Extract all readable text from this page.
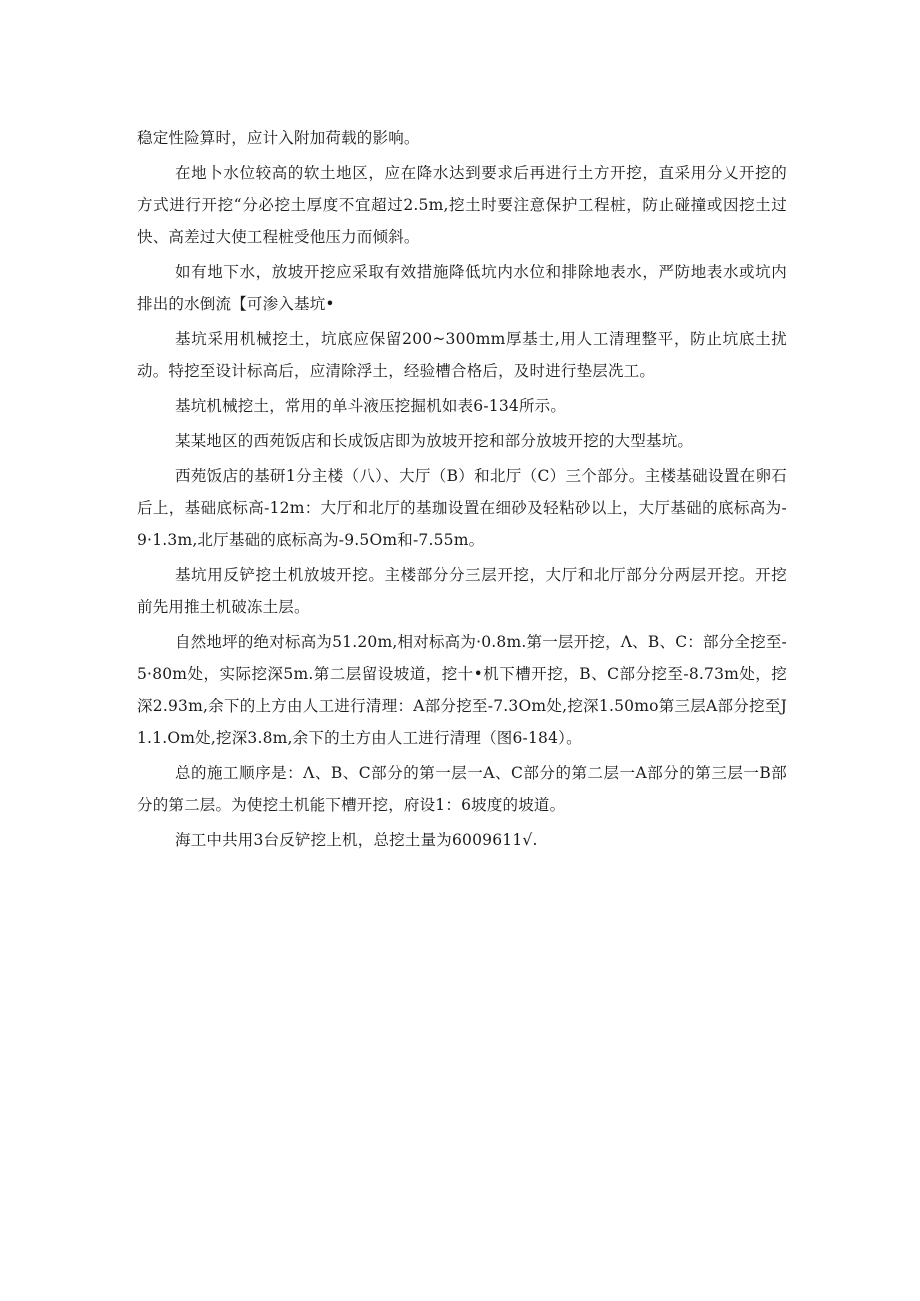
稳定性险算时，应计入附加荷载的影响。

在地卜水位较高的软土地区，应在降水达到要求后再进行土方开挖，直采用分乂开挖的方式进行开挖“分必挖土厚度不宜超过2.5m,挖土时要注意保护工程桩，防止碰撞或因挖土过快、高差过大使工程桩受他压力而倾斜。

如有地下水，放坡开挖应采取有效措施降低坑内水位和排除地表水，严防地表水或坑内排出的水倒流【可渗入基坑•

基坑采用机械挖土，坑底应保留200~300mm厚基士,用人工清理整平，防止坑底土扰动。特挖至设计标高后，应清除浮土，经验槽合格后，及时进行垫层冼工。

基坑机械挖土，常用的单斗液压挖掘机如表6-134所示。

某某地区的西苑饭店和长成饭店即为放坡开挖和部分放坡开挖的大型基坑。

西苑饭店的基研1分主楼（八）、大厅（B）和北厅（C）三个部分。主楼基础设置在卵石后上，基础底标高-12m：大厅和北厅的基珈设置在细砂及轻粘砂以上，大厅基础的底标高为-9·1.3m,北厅基础的底标高为-9.5Om和-7.55m。

基坑用反铲挖土机放坡开挖。主楼部分分三层开挖，大厅和北厅部分分两层开挖。开挖前先用推土机破冻土层。

自然地坪的绝对标高为51.20m,相对标高为·0.8m.第一层开挖，Λ、B、C：部分全挖至-5·80m处，实际挖深5m.第二层留设坡道，挖十•机下槽开挖，B、C部分挖至-8.73m处，挖深2.93m,余下的上方由人工进行清理：A部分挖至-7.3Om处,挖深1.50mo第三层A部分挖至J1.1.Om处,挖深3.8m,余下的土方由人工进行清理（图6-184）。

总的施工顺序是：Λ、B、C部分的第一层一A、C部分的第二层一A部分的第三层一B部分的第二层。为使挖土机能下槽开挖，府设1：6坡度的坡道。

海工中共用3台反铲挖上机，总挖土量为6009611√.
